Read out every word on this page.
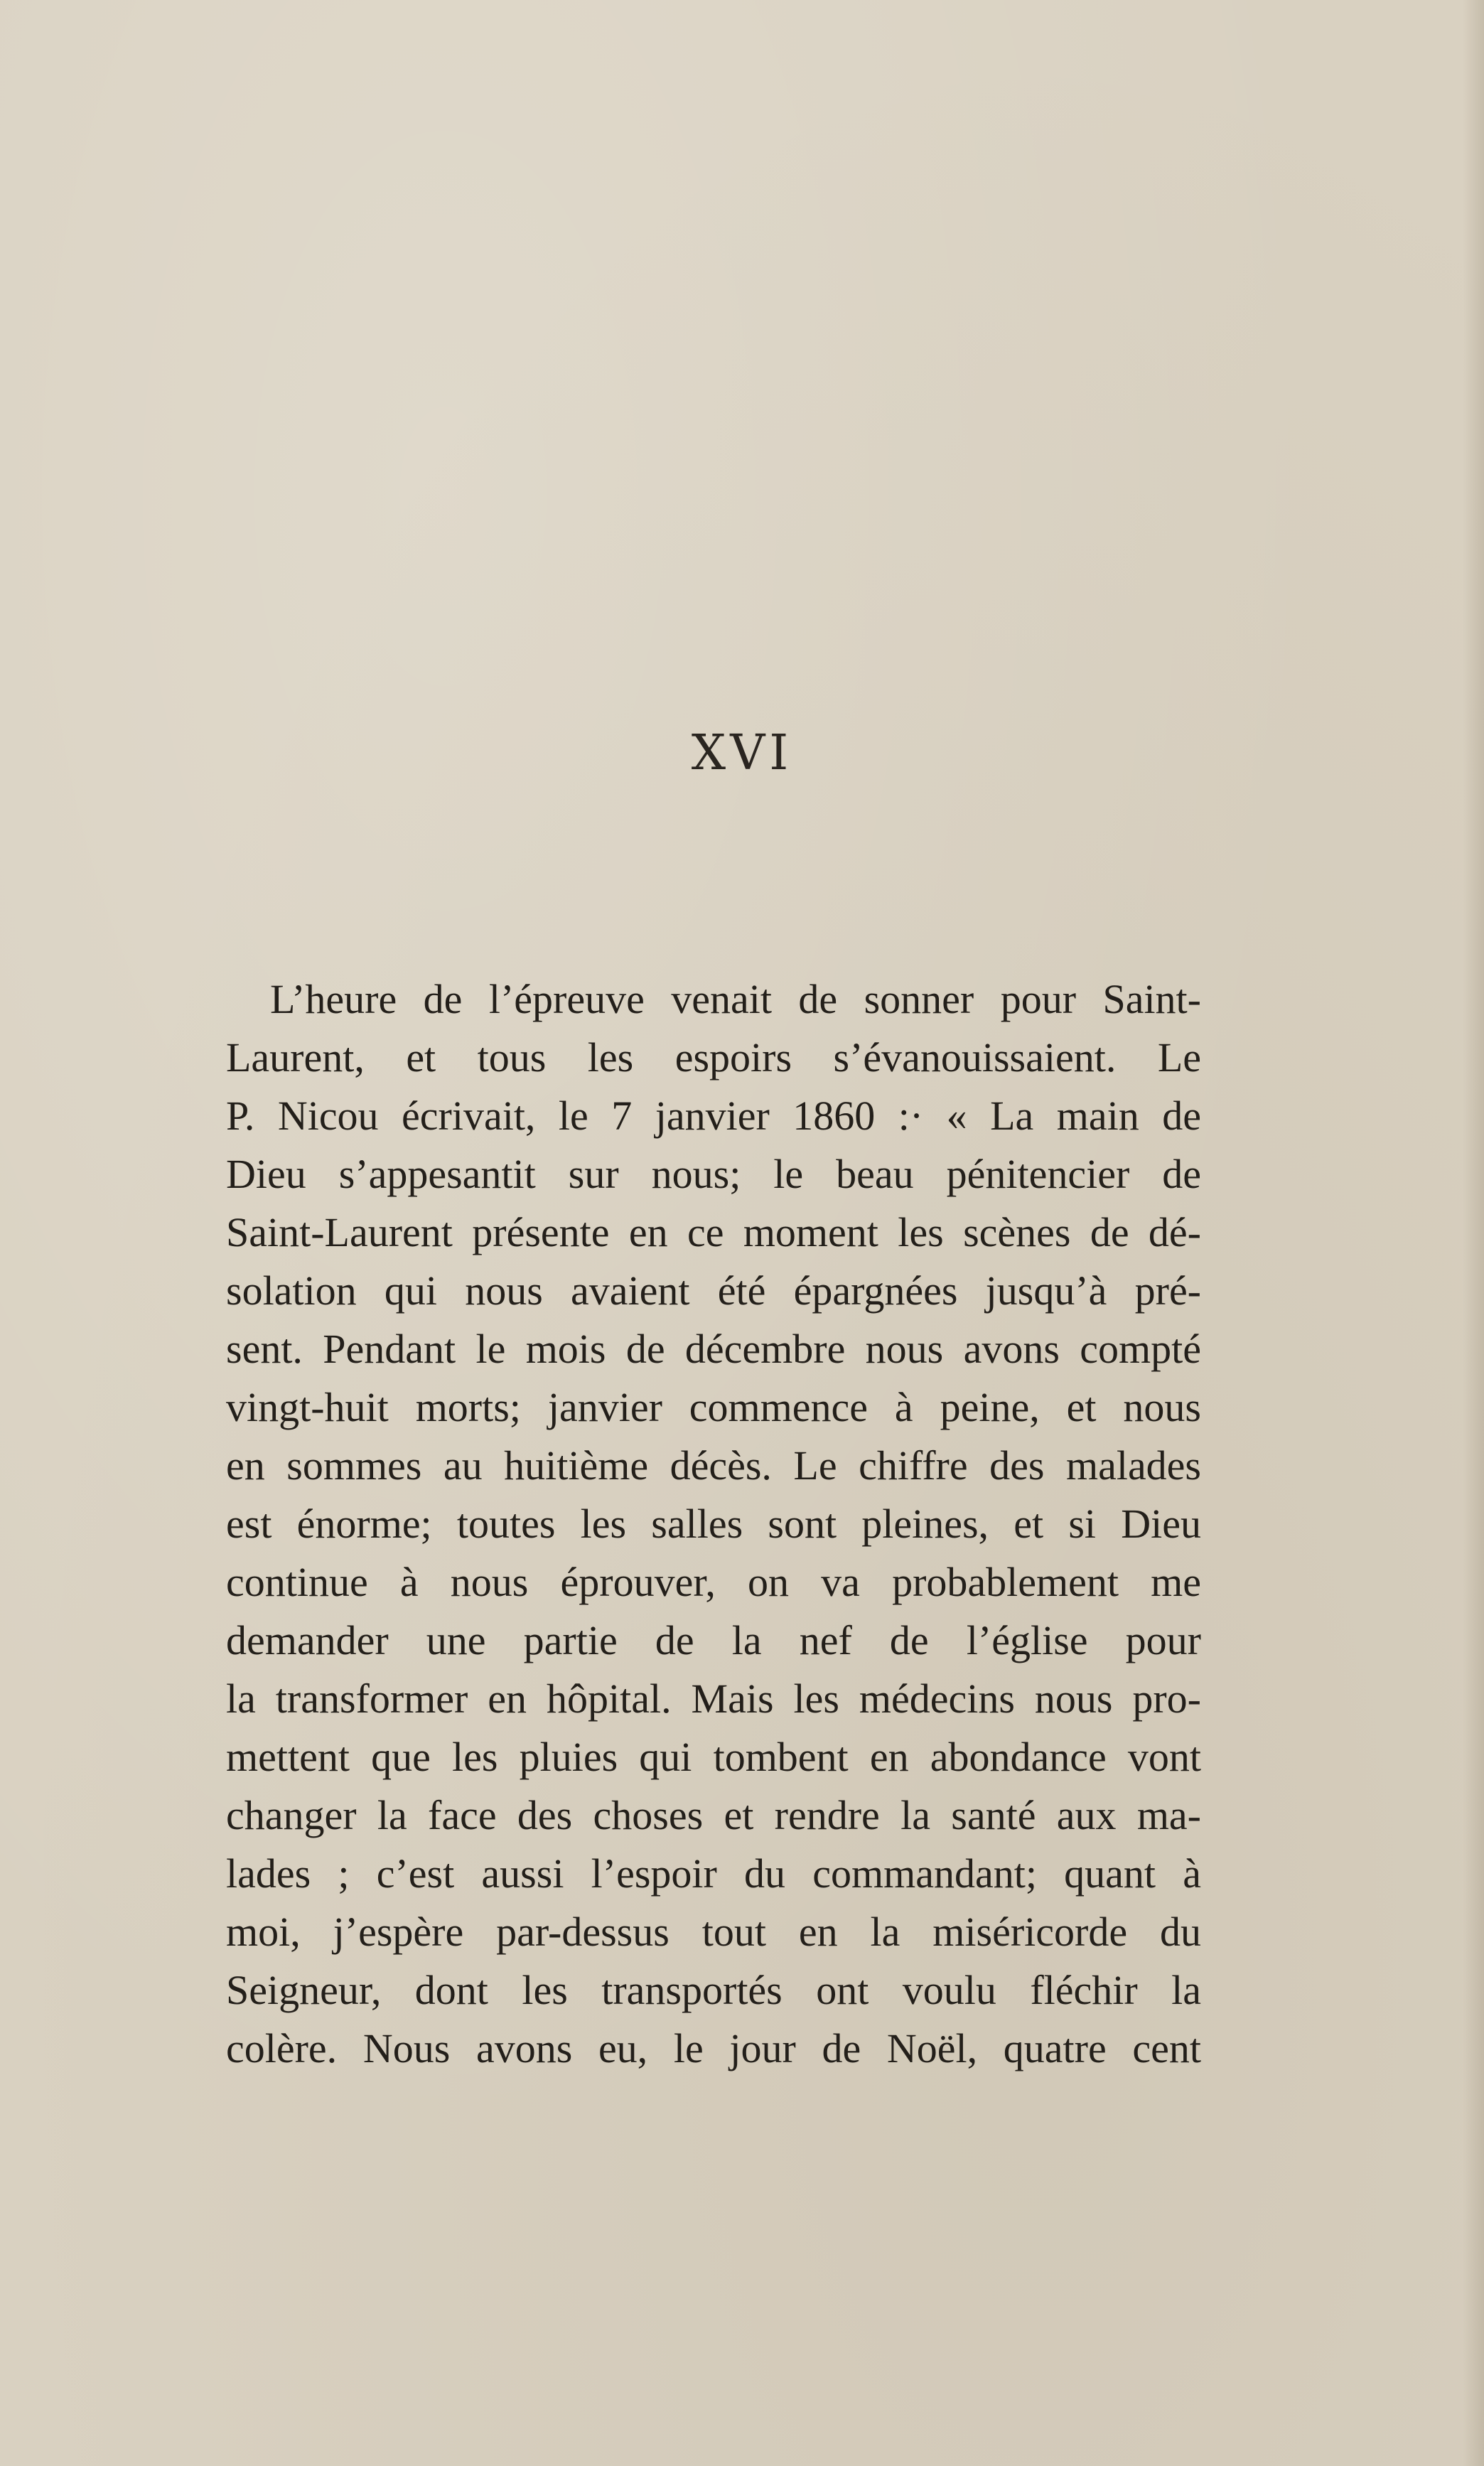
XVI
L’heure de l’épreuve venait de sonner pour Saint-
Laurent, et tous les espoirs s’évanouissaient. Le
P. Nicou écrivait, le 7 janvier 1860 :· « La main de
Dieu s’appesantit sur nous; le beau pénitencier de
Saint-Laurent présente en ce moment les scènes de dé-
solation qui nous avaient été épargnées jusqu’à pré-
sent. Pendant le mois de décembre nous avons compté
vingt-huit morts; janvier commence à peine, et nous
en sommes au huitième décès. Le chiffre des malades
est énorme; toutes les salles sont pleines, et si Dieu
continue à nous éprouver, on va probablement me
demander une partie de la nef de l’église pour
la transformer en hôpital. Mais les médecins nous pro-
mettent que les pluies qui tombent en abondance vont
changer la face des choses et rendre la santé aux ma-
lades ; c’est aussi l’espoir du commandant; quant à
moi, j’espère par-dessus tout en la miséricorde du
Seigneur, dont les transportés ont voulu fléchir la
colère. Nous avons eu, le jour de Noël, quatre cent
